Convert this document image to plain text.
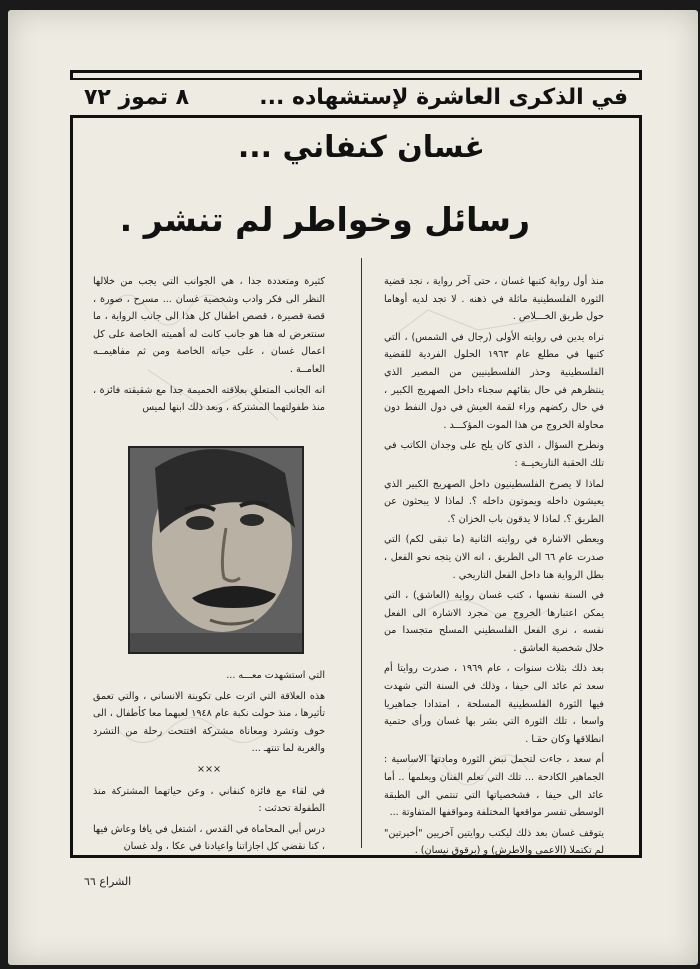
في الذكرى العاشرة لإستشهاده ...
٨ تموز ٧٢
غسان كنفاني ...
رسائل وخواطر لم تنشر .

منذ أول رواية كتبها غسان ، حتى آخر رواية ، نجد قضية الثورة الفلسطينية ماثلة في ذهنه . لا تجد لديه أوهاما حول طريق الخـــلاص .

نراه يدين في روايته الأولى (رجال في الشمس) ، التي كتبها في مطلع عام ١٩٦٣ الحلول الفردية للقضية الفلسطينية وحذر الفلسطينيين من المصير الذي ينتظرهم في حال بقائهم سجناء داخل الصهريج الكبير ، في حال ركضهم وراء لقمة العيش في دول النفط دون محاولة الخروج من هذا الموت المؤكـــد .

ونطرح السؤال ، الذي كان يلح على وجدان الكاتب في تلك الحقبة التاريخيــة :

لماذا لا يصرخ الفلسطينيون داخل الصهريج الكبير الذي يعيشون داخله ويموتون داخله ؟. لماذا لا يبحثون عن الطريق ؟. لماذا لا يدقون باب الخزان ؟.

ويعطي الاشارة في روايته الثانية (ما تبقى لكم) التي صدرت عام ٦٦ الى الطريق ، انه الان يتجه نحو الفعل ، بطل الرواية هنا داخل الفعل التاريخي .

في السنة نفسها ، كتب غسان رواية (العاشق) ، التي يمكن اعتبارها الخروج من مجرد الاشارة الى الفعل نفسه ، نرى الفعل الفلسطيني المسلح متجسدا من خلال شخصية العاشق .

بعد ذلك بثلاث سنوات ، عام ١٩٦٩ ، صدرت روايتا أم سعد ثم عائد الى حيفا ، وذلك في السنة التي شهدت فيها الثورة الفلسطينية المسلحة ، امتدادا جماهيريا واسعا ، تلك الثورة التي بشر بها غسان ورأى حتمية انطلاقها وكان حقـا .

أم سعد ، جاءت لتحمل نبض الثورة ومادتها الاساسية : الجماهير الكادحة ... تلك التي تعلم الفنان ويعلمها .. أما عائد الى حيفا ، فشخصياتها التي تنتمي الى الطبقة الوسطى تفسر مواقعها المختلفة ومواقفها المتفاوتة ...

يتوقف غسان بعد ذلك ليكتب روايتين آخريين "أخيرتين" لم تكتملا (الاعمى والاطرش) و (برقوق نيسان) .

كثيرة ومتعددة جدا ، هي الجوانب التي يجب من خلالها النظر الى فكر وادب وشخصية غسان ... مسرح ، صورة ، قصة قصيرة ، قصص اطفال كل هذا الى جانب الرواية ، ما سنتعرض له هنا هو جانب كانت له أهميته الخاصة على كل اعمال غسان ، على حياته الخاصة ومن ثم مفاهيمــه العامــة .

انه الجانب المتعلق بعلاقته الحميمة جدا مع شقيقته فائزة ، منذ طفولتهما المشتركة ، وبعد ذلك ابنها لميس

التي استشهدت معـــه ...

هذه العلاقة التي اثرت على تكوينة الانساني ، والتي تعمق تأثيرها ، منذ حولت نكبة عام ١٩٤٨ لعبهما معا كأطفال ، الى خوف وتشرد ومعاناة مشتركة افتتحت رحلة من التشرد والغربة لما تنتهـ ...

×××

في لقاء مع فائزة كنفاني ، وعن حياتهما المشتركة منذ الطفولة تحدثت :

درس أبي المحاماة في القدس ، اشتغل في يافا وعاش فيها ، كنا نقضي كل اجازاتنا واعيادنا في عكا ، ولد غسان

الشراع ٦٦
